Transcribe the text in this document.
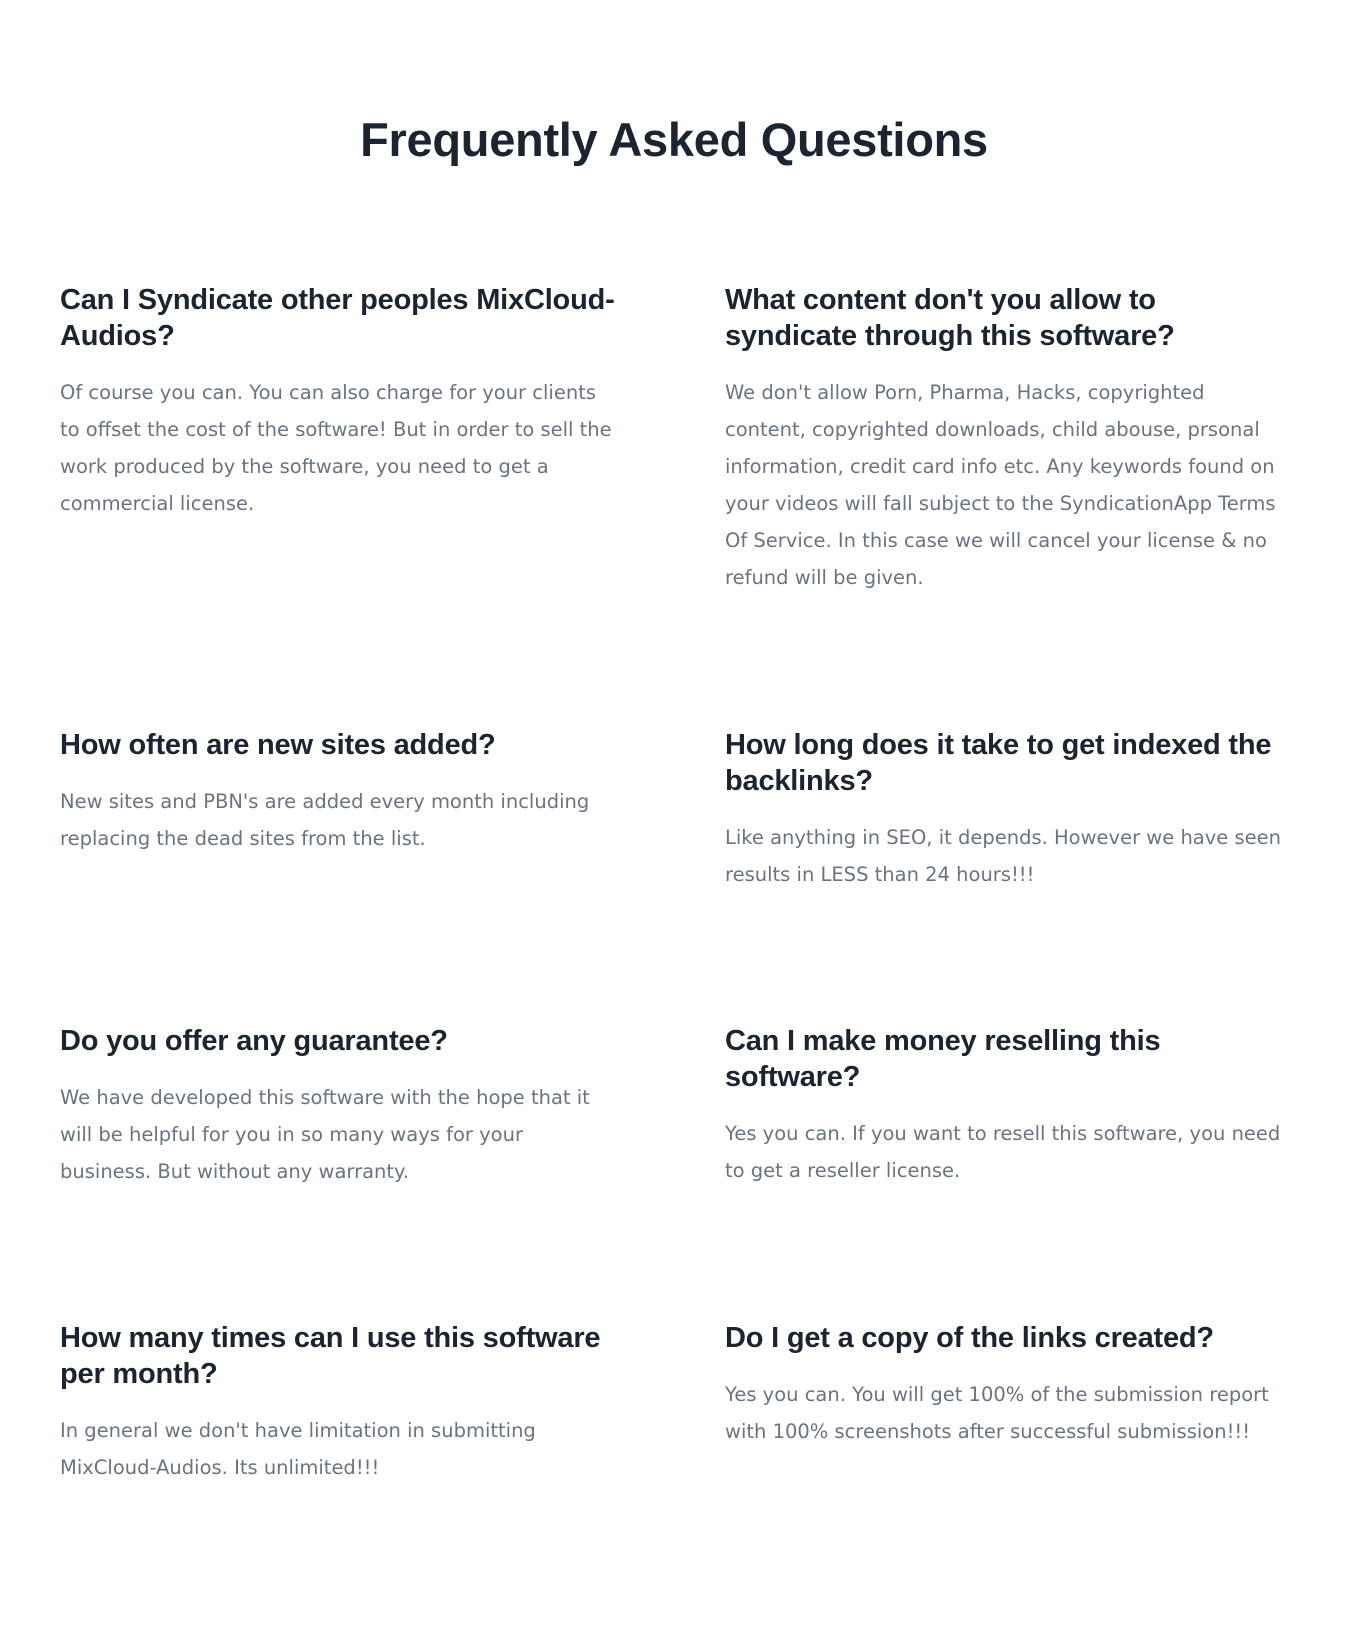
Frequently Asked Questions
Can I Syndicate other peoples MixCloud-Audios?

Of course you can. You can also charge for your clients to offset the cost of the software! But in order to sell the work produced by the software, you need to get a commercial license.

What content don't you allow to syndicate through this software?

We don't allow Porn, Pharma, Hacks, copyrighted content, copyrighted downloads, child abouse, prsonal information, credit card info etc. Any keywords found on your videos will fall subject to the SyndicationApp Terms Of Service. In this case we will cancel your license & no refund will be given.

How often are new sites added?

New sites and PBN's are added every month including replacing the dead sites from the list.

How long does it take to get indexed the backlinks?

Like anything in SEO, it depends. However we have seen results in LESS than 24 hours!!!

Do you offer any guarantee?

We have developed this software with the hope that it will be helpful for you in so many ways for your business. But without any warranty.

Can I make money reselling this software?

Yes you can. If you want to resell this software, you need to get a reseller license.

How many times can I use this software per month?

In general we don't have limitation in submitting MixCloud-Audios. Its unlimited!!!

Do I get a copy of the links created?

Yes you can. You will get 100% of the submission report with 100% screenshots after successful submission!!!
